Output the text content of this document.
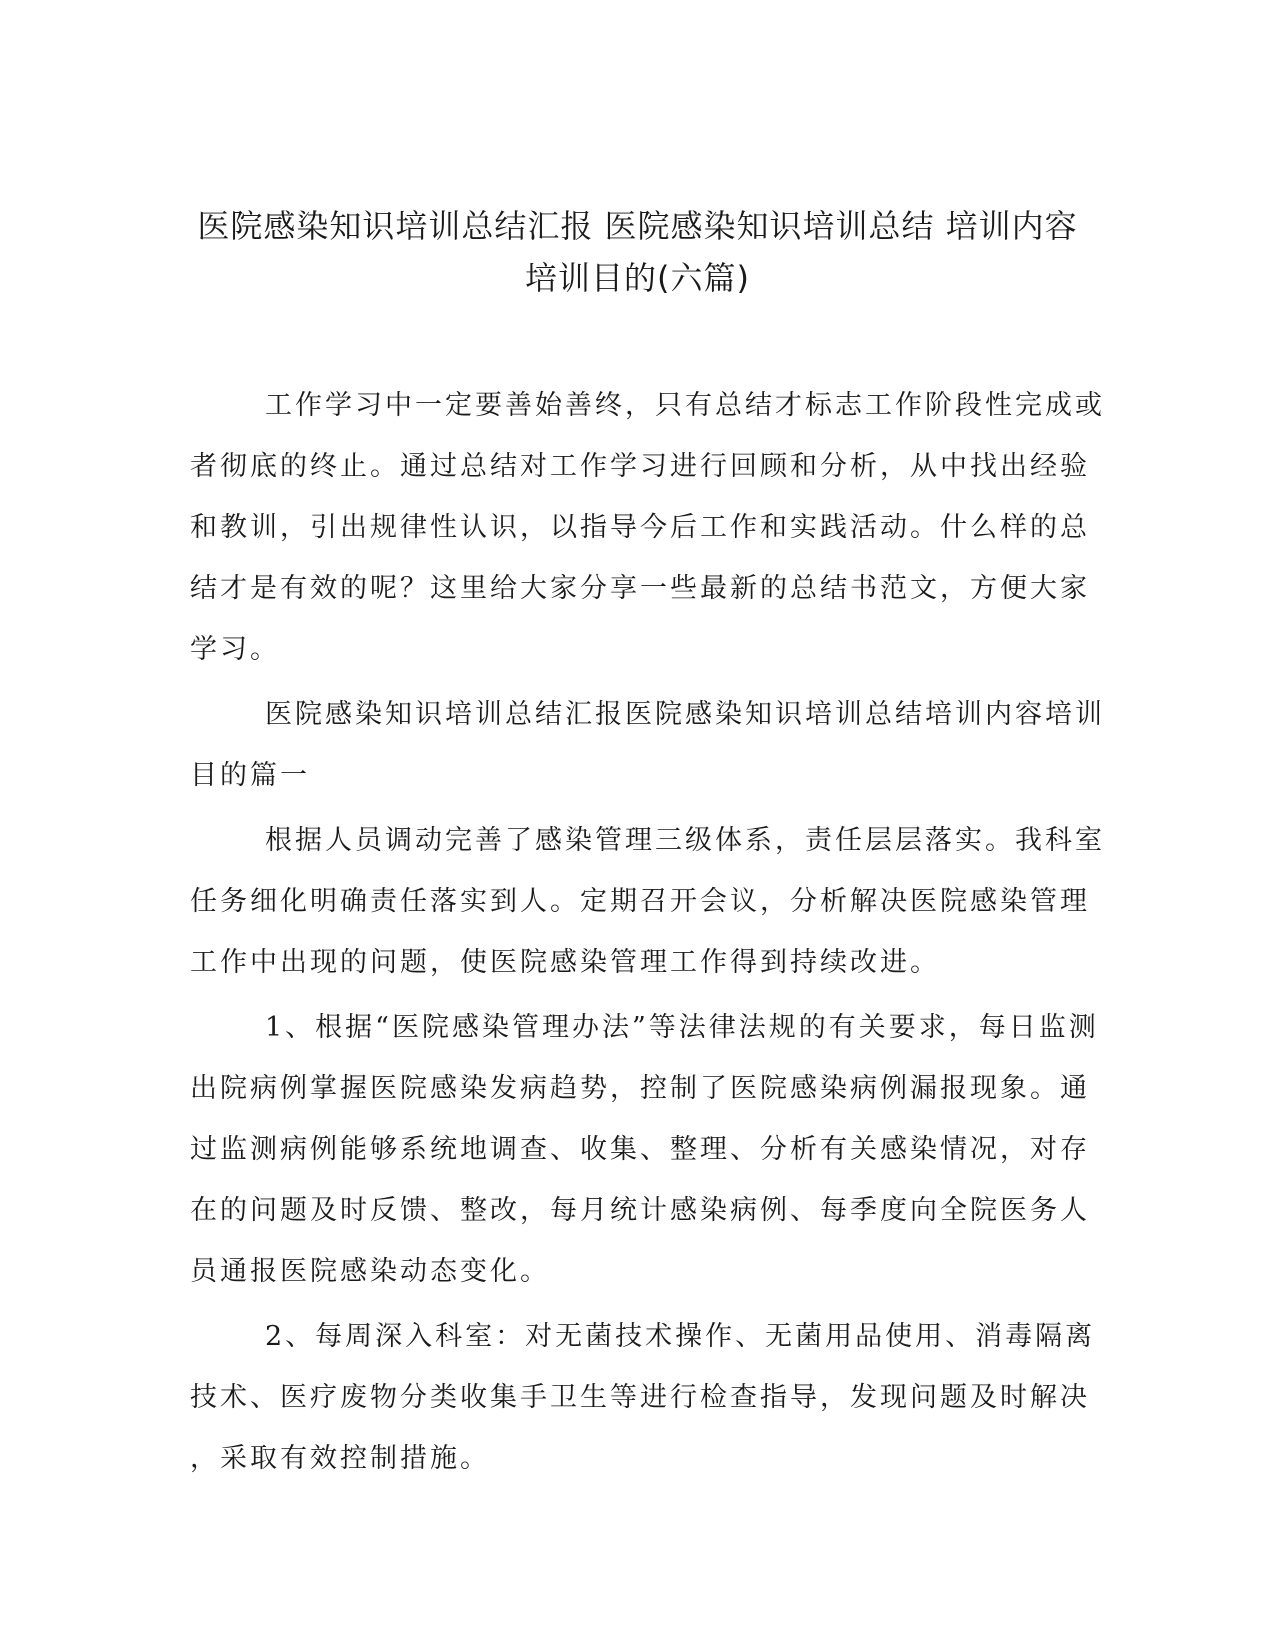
医院感染知识培训总结汇报 医院感染知识培训总结 培训内容
培训目的(六篇)
工作学习中一定要善始善终，只有总结才标志工作阶段性完成或
者彻底的终止。通过总结对工作学习进行回顾和分析，从中找出经验
和教训，引出规律性认识，以指导今后工作和实践活动。什么样的总
结才是有效的呢？这里给大家分享一些最新的总结书范文，方便大家
学习。
医院感染知识培训总结汇报医院感染知识培训总结培训内容培训
目的篇一
根据人员调动完善了感染管理三级体系，责任层层落实。我科室
任务细化明确责任落实到人。定期召开会议，分析解决医院感染管理
工作中出现的问题，使医院感染管理工作得到持续改进。
1、根据“医院感染管理办法”等法律法规的有关要求，每日监测
出院病例掌握医院感染发病趋势，控制了医院感染病例漏报现象。通
过监测病例能够系统地调查、收集、整理、分析有关感染情况，对存
在的问题及时反馈、整改，每月统计感染病例、每季度向全院医务人
员通报医院感染动态变化。
2、每周深入科室：对无菌技术操作、无菌用品使用、消毒隔离
技术、医疗废物分类收集手卫生等进行检查指导，发现问题及时解决
，采取有效控制措施。
